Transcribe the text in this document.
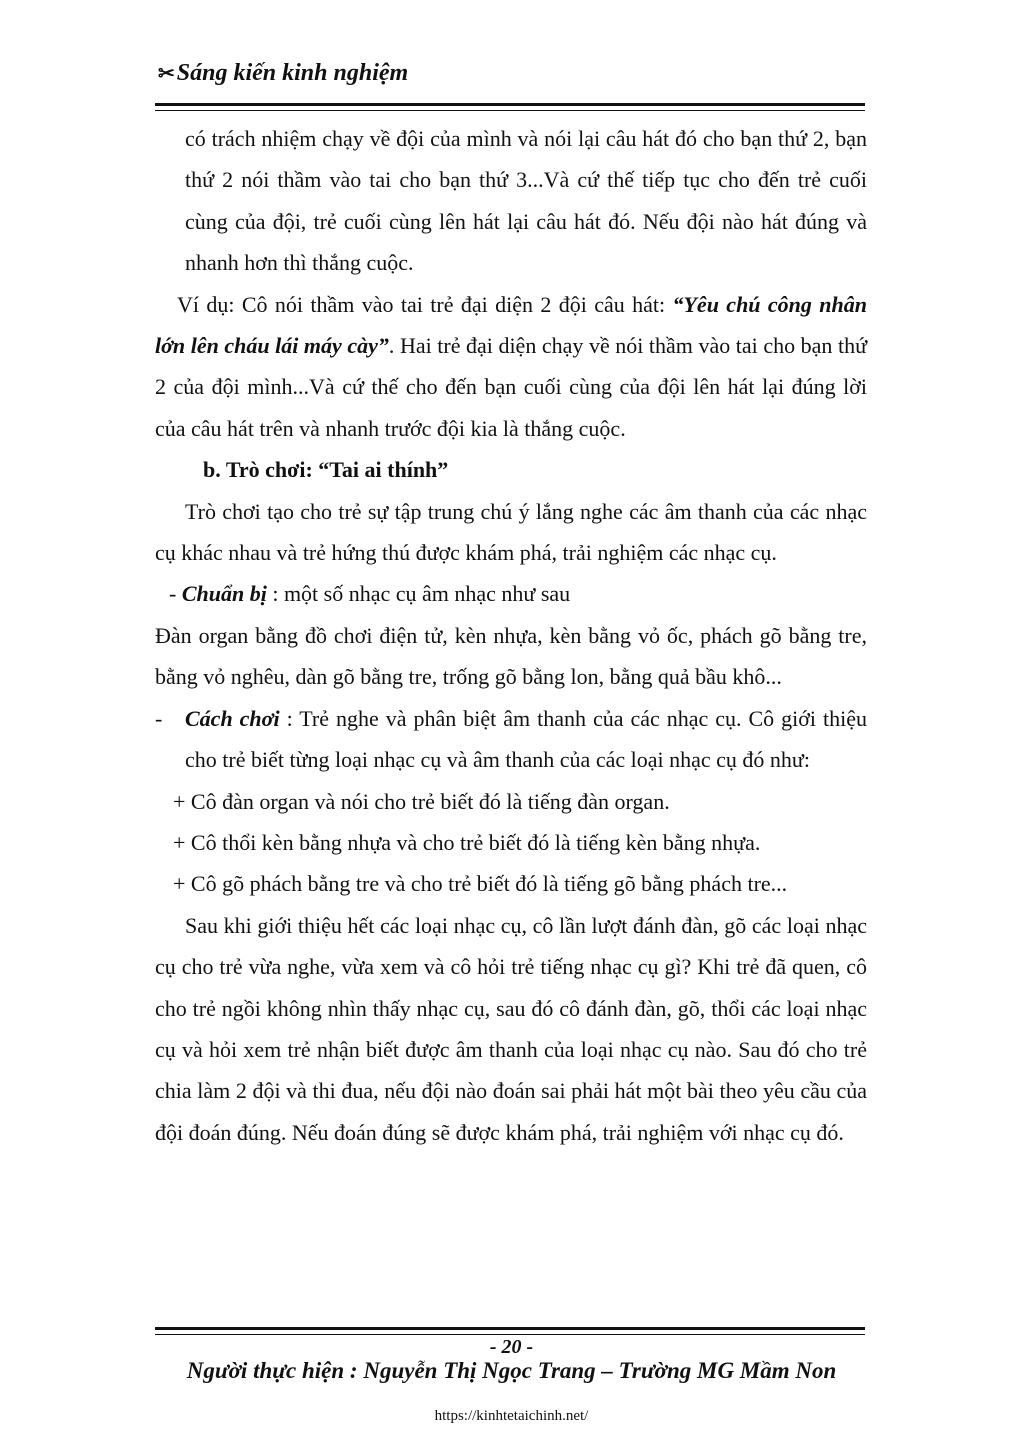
✂ Sáng kiến kinh nghiệm

có trách nhiệm chạy về đội của mình và nói lại câu hát đó cho bạn thứ 2, bạn thứ 2 nói thầm vào tai cho bạn thứ 3...Và cứ thế tiếp tục cho đến trẻ cuối cùng của đội, trẻ cuối cùng lên hát lại câu hát đó. Nếu đội nào hát đúng và nhanh hơn thì thắng cuộc.

Ví dụ: Cô nói thầm vào tai trẻ đại diện 2 đội câu hát: “Yêu chú công nhân lớn lên cháu lái máy cày”. Hai trẻ đại diện chạy về nói thầm vào tai cho bạn thứ 2 của đội mình...Và cứ thế cho đến bạn cuối cùng của đội lên hát lại đúng lời của câu hát trên và nhanh trước đội kia là thắng cuộc.

b. Trò chơi: “Tai ai thính”

Trò chơi tạo cho trẻ sự tập trung chú ý lắng nghe các âm thanh của các nhạc cụ khác nhau và trẻ hứng thú được khám phá, trải nghiệm các nhạc cụ.

- Chuẩn bị : một số nhạc cụ âm nhạc như sau

Đàn organ bằng đồ chơi điện tử, kèn nhựa, kèn bằng vỏ ốc, phách gõ bằng tre, bằng vỏ nghêu, dàn gõ bằng tre, trống gõ bằng lon, bằng quả bầu khô...

- Cách chơi : Trẻ nghe và phân biệt âm thanh của các nhạc cụ. Cô giới thiệu cho trẻ biết từng loại nhạc cụ và âm thanh của các loại nhạc cụ đó như:

+ Cô đàn organ và nói cho trẻ biết đó là tiếng đàn organ.

+ Cô thổi kèn bằng nhựa và cho trẻ biết đó là tiếng kèn bằng nhựa.

+ Cô gõ phách bằng tre và cho trẻ biết đó là tiếng gõ bằng phách tre...

Sau khi giới thiệu hết các loại nhạc cụ, cô lần lượt đánh đàn, gõ các loại nhạc cụ cho trẻ vừa nghe, vừa xem và cô hỏi trẻ tiếng nhạc cụ gì? Khi trẻ đã quen, cô cho trẻ ngồi không nhìn thấy nhạc cụ, sau đó cô đánh đàn, gõ, thổi các loại nhạc cụ và hỏi xem trẻ nhận biết được âm thanh của loại nhạc cụ nào. Sau đó cho trẻ chia làm 2 đội và thi đua, nếu đội nào đoán sai phải hát một bài theo yêu cầu của đội đoán đúng. Nếu đoán đúng sẽ được khám phá, trải nghiệm với nhạc cụ đó.

- 20 -
Người thực hiện : Nguyễn Thị Ngọc Trang – Trường MG Mầm Non
https://kinhtetaichinh.net/
